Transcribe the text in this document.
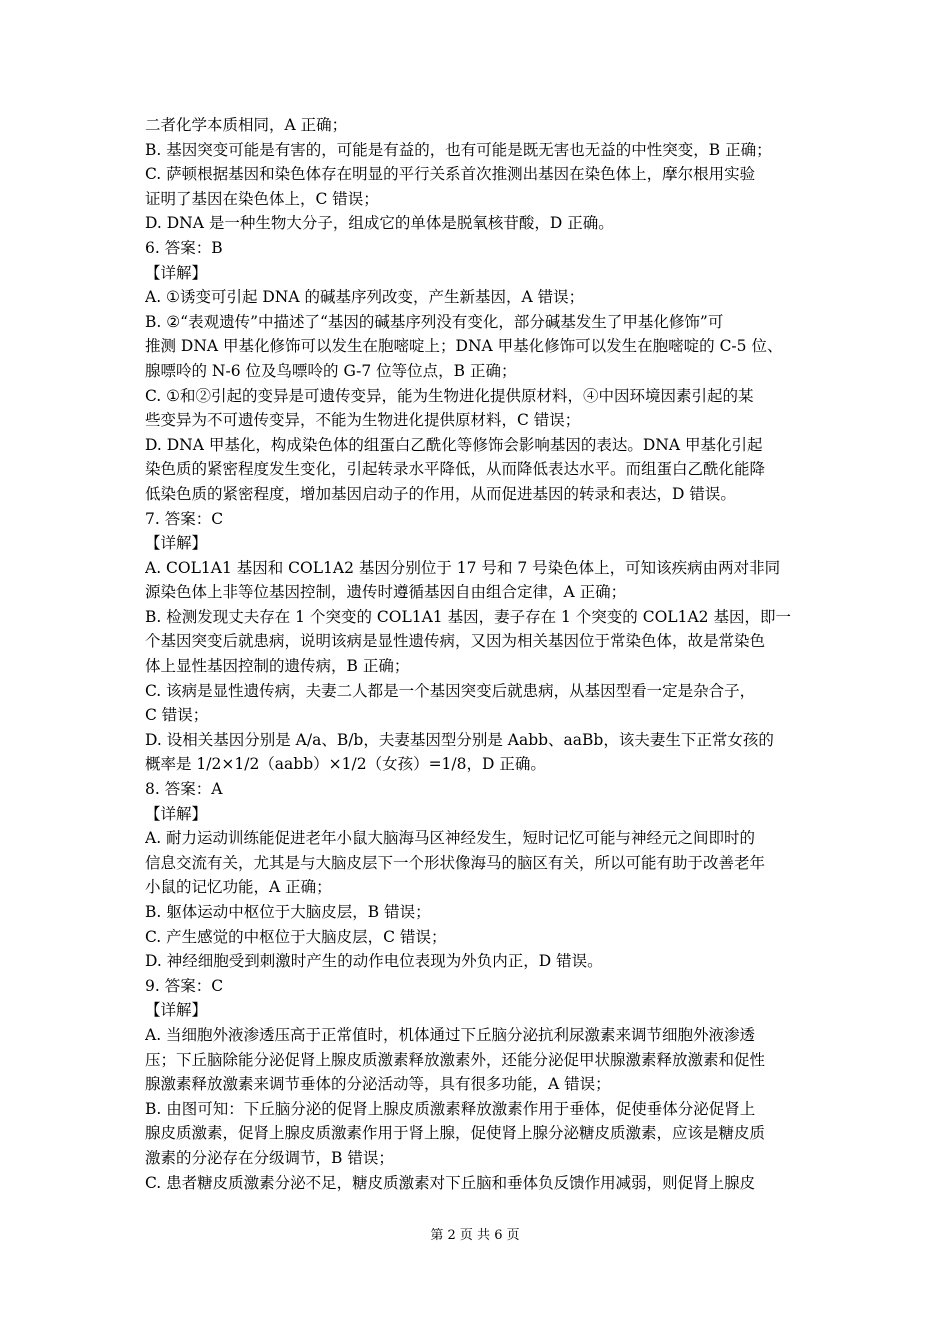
二者化学本质相同，A 正确；
B. 基因突变可能是有害的，可能是有益的，也有可能是既无害也无益的中性突变，B 正确；
C. 萨顿根据基因和染色体存在明显的平行关系首次推测出基因在染色体上，摩尔根用实验
证明了基因在染色体上，C 错误；
D. DNA 是一种生物大分子，组成它的单体是脱氧核苷酸，D 正确。
6. 答案：B
【详解】
A. ①诱变可引起 DNA 的碱基序列改变，产生新基因，A 错误；
B. ②“表观遗传”中描述了“基因的碱基序列没有变化，部分碱基发生了甲基化修饰”可
推测 DNA 甲基化修饰可以发生在胞嘧啶上；DNA 甲基化修饰可以发生在胞嘧啶的 C-5 位、
腺嘌呤的 N-6 位及鸟嘌呤的 G-7 位等位点，B 正确；
C. ①和②引起的变异是可遗传变异，能为生物进化提供原材料，④中因环境因素引起的某
些变异为不可遗传变异，不能为生物进化提供原材料，C 错误；
D. DNA 甲基化，构成染色体的组蛋白乙酰化等修饰会影响基因的表达。DNA 甲基化引起
染色质的紧密程度发生变化，引起转录水平降低，从而降低表达水平。而组蛋白乙酰化能降
低染色质的紧密程度，增加基因启动子的作用，从而促进基因的转录和表达，D 错误。
7. 答案：C
【详解】
A. COL1A1 基因和 COL1A2 基因分别位于 17 号和 7 号染色体上，可知该疾病由两对非同
源染色体上非等位基因控制，遗传时遵循基因自由组合定律，A 正确；
B. 检测发现丈夫存在 1 个突变的 COL1A1 基因，妻子存在 1 个突变的 COL1A2 基因，即一
个基因突变后就患病，说明该病是显性遗传病，又因为相关基因位于常染色体，故是常染色
体上显性基因控制的遗传病，B 正确；
C. 该病是显性遗传病，夫妻二人都是一个基因突变后就患病，从基因型看一定是杂合子，
C 错误；
D. 设相关基因分别是 A/a、B/b，夫妻基因型分别是 Aabb、aaBb，该夫妻生下正常女孩的
概率是 1/2×1/2（aabb）×1/2（女孩）=1/8，D 正确。
8. 答案：A
【详解】
A. 耐力运动训练能促进老年小鼠大脑海马区神经发生，短时记忆可能与神经元之间即时的
信息交流有关，尤其是与大脑皮层下一个形状像海马的脑区有关，所以可能有助于改善老年
小鼠的记忆功能，A 正确；
B. 躯体运动中枢位于大脑皮层，B 错误；
C. 产生感觉的中枢位于大脑皮层，C 错误；
D. 神经细胞受到刺激时产生的动作电位表现为外负内正，D 错误。
9. 答案：C
【详解】
A. 当细胞外液渗透压高于正常值时，机体通过下丘脑分泌抗利尿激素来调节细胞外液渗透
压；下丘脑除能分泌促肾上腺皮质激素释放激素外，还能分泌促甲状腺激素释放激素和促性
腺激素释放激素来调节垂体的分泌活动等，具有很多功能，A 错误；
B. 由图可知：下丘脑分泌的促肾上腺皮质激素释放激素作用于垂体，促使垂体分泌促肾上
腺皮质激素，促肾上腺皮质激素作用于肾上腺，促使肾上腺分泌糖皮质激素，应该是糖皮质
激素的分泌存在分级调节，B 错误；
C. 患者糖皮质激素分泌不足，糖皮质激素对下丘脑和垂体负反馈作用减弱，则促肾上腺皮
第 2 页 共 6 页
